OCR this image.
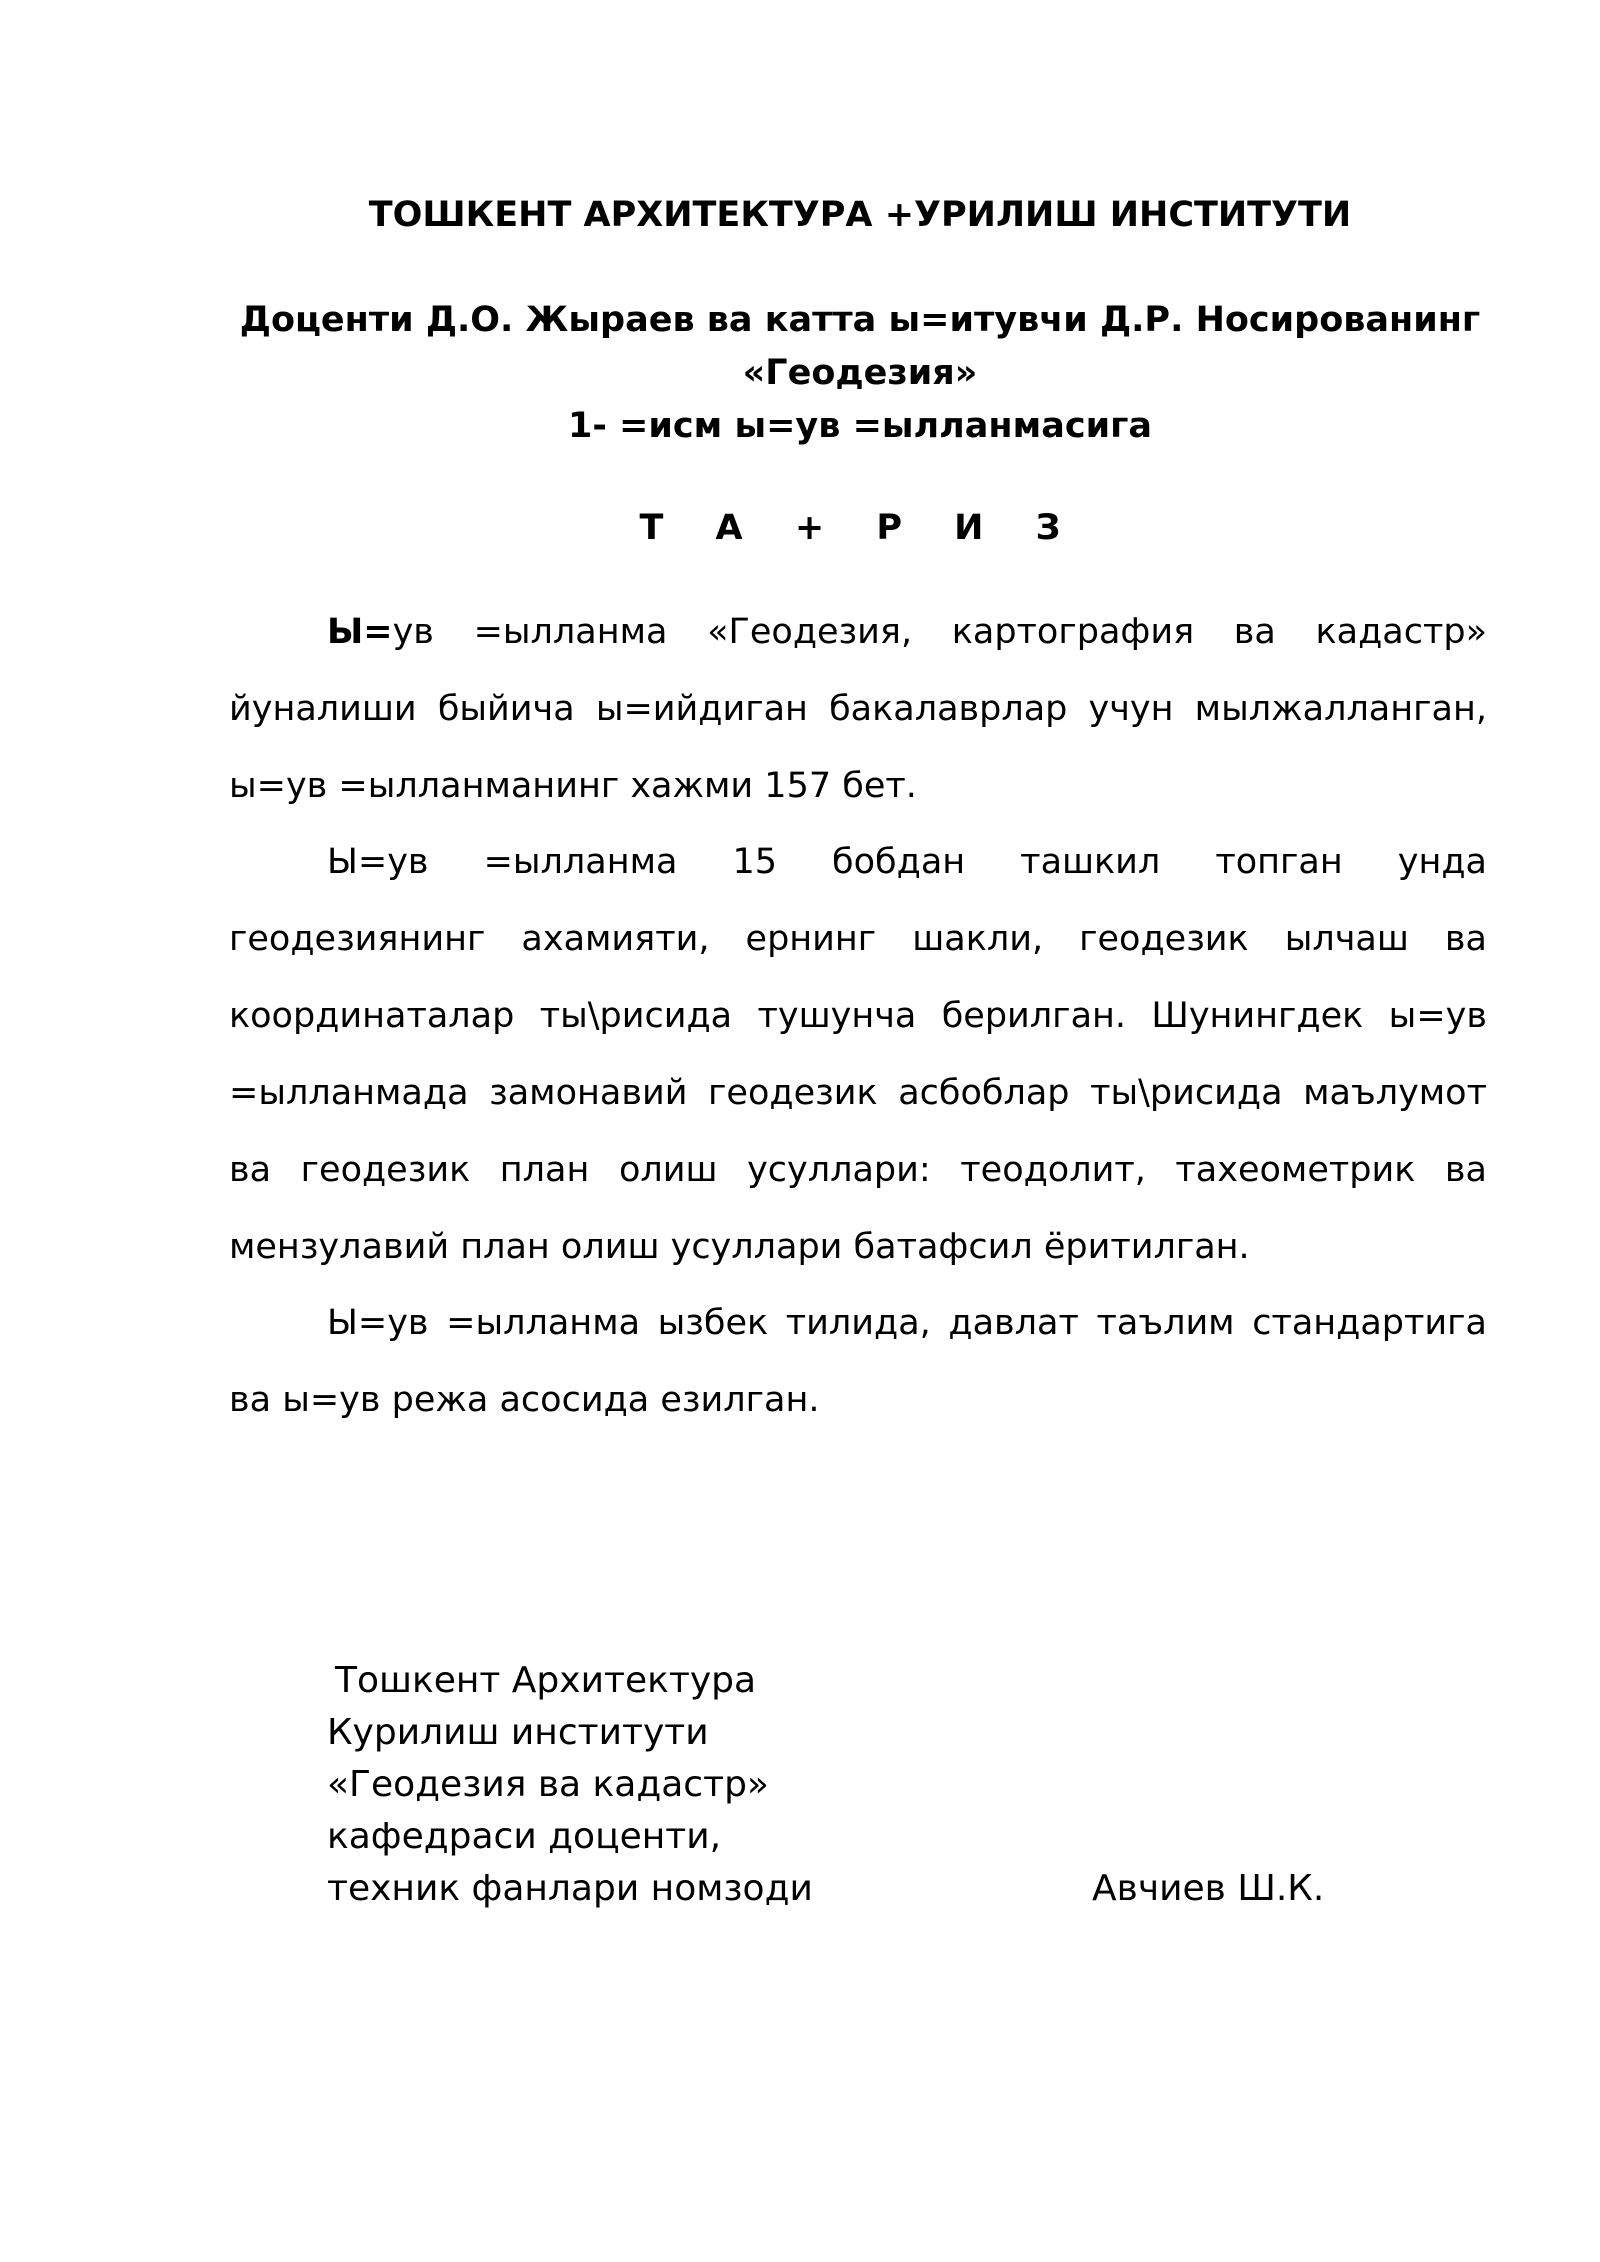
ТОШКЕНТ АРХИТЕКТУРА +УРИЛИШ ИНСТИТУТИ
Доценти Д.О. Жыраев ва катта ы=итувчи Д.Р. Носированинг
«Геодезия»
1- =исм ы=ув =ылланмасига
Т А + Р И З

Ы=ув =ылланма «Геодезия, картография ва кадастр» йуналиши быйича ы=ийдиган бакалаврлар учун мылжалланган, ы=ув =ылланманинг хажми 157 бет.

Ы=ув =ылланма 15 бобдан ташкил топган унда геодезиянинг ахамияти, ернинг шакли, геодезик ылчаш ва координаталар ты\рисида тушунча берилган. Шунингдек ы=ув =ылланмада замонавий геодезик асбоблар ты\рисида маълумот ва геодезик план олиш усуллари: теодолит, тахеометрик ва мензулавий план олиш усуллари батафсил ёритилган.

Ы=ув =ылланма ызбек тилида, давлат таълим стандартига ва ы=ув режа асосида езилган.

Тошкент Архитектура
Курилиш институти
«Геодезия ва кадастр»
кафедраси доценти,
техник фанлари номзоди	Авчиев Ш.К.
